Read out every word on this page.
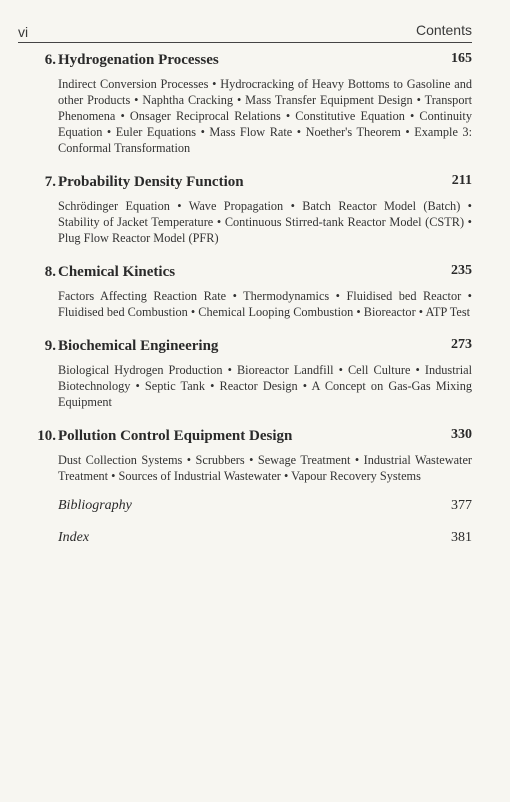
vi	Contents
6. Hydrogenation Processes	165
Indirect Conversion Processes • Hydrocracking of Heavy Bottoms to Gasoline and other Products • Naphtha Cracking • Mass Transfer Equipment Design • Transport Phenomena • Onsager Reciprocal Relations • Constitutive Equation • Continuity Equation • Euler Equations • Mass Flow Rate • Noether's Theorem • Example 3: Conformal Transformation
7. Probability Density Function	211
Schrödinger Equation • Wave Propagation • Batch Reactor Model (Batch) • Stability of Jacket Temperature • Continuous Stirred-tank Reactor Model (CSTR) • Plug Flow Reactor Model (PFR)
8. Chemical Kinetics	235
Factors Affecting Reaction Rate • Thermodynamics • Fluidised bed Reactor • Fluidised bed Combustion • Chemical Looping Combustion • Bioreactor • ATP Test
9. Biochemical Engineering	273
Biological Hydrogen Production • Bioreactor Landfill • Cell Culture • Industrial Biotechnology • Septic Tank • Reactor Design • A Concept on Gas-Gas Mixing Equipment
10. Pollution Control Equipment Design	330
Dust Collection Systems • Scrubbers • Sewage Treatment • Industrial Wastewater Treatment • Sources of Industrial Wastewater • Vapour Recovery Systems
Bibliography	377
Index	381
